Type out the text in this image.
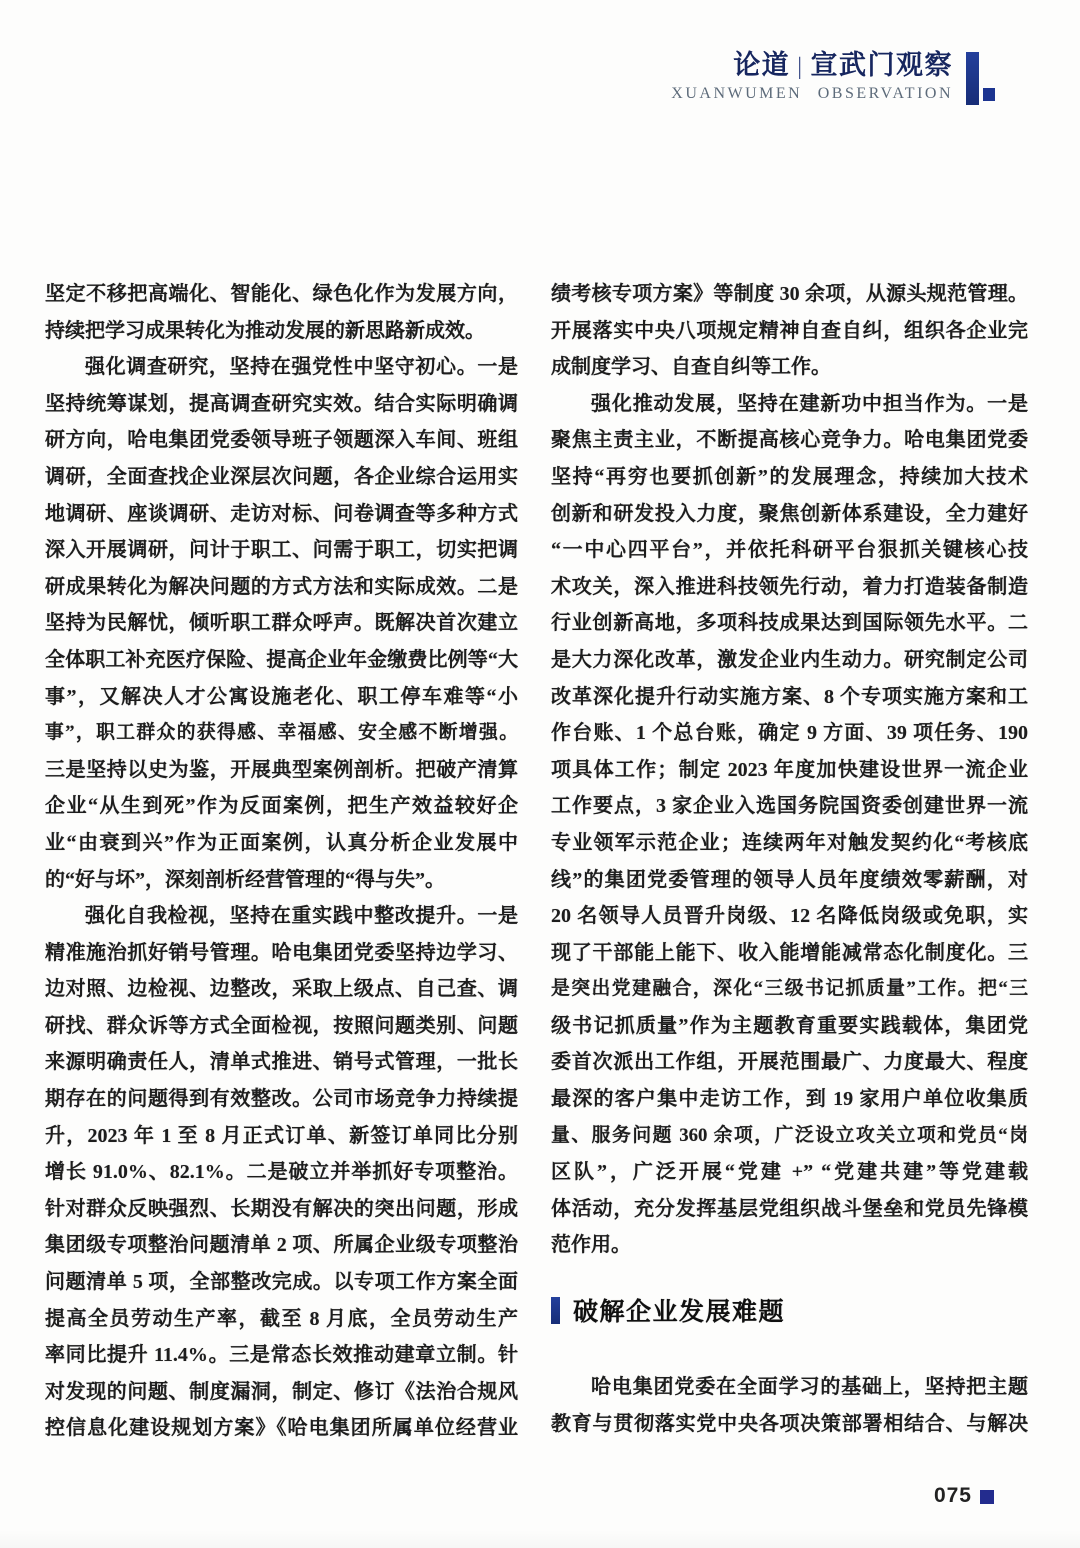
论道 | 宣武门观察
XUANWUMEN OBSERVATION
坚定不移把高端化、智能化、绿色化作为发展方向，
持续把学习成果转化为推动发展的新思路新成效。
强化调查研究，坚持在强党性中坚守初心。一是
坚持统筹谋划，提高调查研究实效。结合实际明确调
研方向，哈电集团党委领导班子领题深入车间、班组
调研，全面查找企业深层次问题，各企业综合运用实
地调研、座谈调研、走访对标、问卷调查等多种方式
深入开展调研，问计于职工、问需于职工，切实把调
研成果转化为解决问题的方式方法和实际成效。二是
坚持为民解忧，倾听职工群众呼声。既解决首次建立
全体职工补充医疗保险、提高企业年金缴费比例等“大
事”，又解决人才公寓设施老化、职工停车难等“小
事”，职工群众的获得感、幸福感、安全感不断增强。
三是坚持以史为鉴，开展典型案例剖析。把破产清算
企业“从生到死”作为反面案例，把生产效益较好企
业“由衰到兴”作为正面案例，认真分析企业发展中
的“好与坏”，深刻剖析经营管理的“得与失”。
强化自我检视，坚持在重实践中整改提升。一是
精准施治抓好销号管理。哈电集团党委坚持边学习、
边对照、边检视、边整改，采取上级点、自己查、调
研找、群众诉等方式全面检视，按照问题类别、问题
来源明确责任人，清单式推进、销号式管理，一批长
期存在的问题得到有效整改。公司市场竞争力持续提
升，2023 年 1 至 8 月正式订单、新签订单同比分别
增长 91.0%、82.1%。二是破立并举抓好专项整治。
针对群众反映强烈、长期没有解决的突出问题，形成
集团级专项整治问题清单 2 项、所属企业级专项整治
问题清单 5 项，全部整改完成。以专项工作方案全面
提高全员劳动生产率，截至 8 月底，全员劳动生产
率同比提升 11.4%。三是常态长效推动建章立制。针
对发现的问题、制度漏洞，制定、修订《法治合规风
控信息化建设规划方案》《哈电集团所属单位经营业
绩考核专项方案》等制度 30 余项，从源头规范管理。
开展落实中央八项规定精神自查自纠，组织各企业完
成制度学习、自查自纠等工作。
强化推动发展，坚持在建新功中担当作为。一是
聚焦主责主业，不断提高核心竞争力。哈电集团党委
坚持“再穷也要抓创新”的发展理念，持续加大技术
创新和研发投入力度，聚焦创新体系建设，全力建好
“一中心四平台”，并依托科研平台狠抓关键核心技
术攻关，深入推进科技领先行动，着力打造装备制造
行业创新高地，多项科技成果达到国际领先水平。二
是大力深化改革，激发企业内生动力。研究制定公司
改革深化提升行动实施方案、8 个专项实施方案和工
作台账、1 个总台账，确定 9 方面、39 项任务、190
项具体工作；制定 2023 年度加快建设世界一流企业
工作要点，3 家企业入选国务院国资委创建世界一流
专业领军示范企业；连续两年对触发契约化“考核底
线”的集团党委管理的领导人员年度绩效零薪酬，对
20 名领导人员晋升岗级、12 名降低岗级或免职，实
现了干部能上能下、收入能增能减常态化制度化。三
是突出党建融合，深化“三级书记抓质量”工作。把“三
级书记抓质量”作为主题教育重要实践载体，集团党
委首次派出工作组，开展范围最广、力度最大、程度
最深的客户集中走访工作，到 19 家用户单位收集质
量、服务问题 360 余项，广泛设立攻关立项和党员“岗
区队”，广泛开展“党建 +” “党建共建”等党建载
体活动，充分发挥基层党组织战斗堡垒和党员先锋模
范作用。
破解企业发展难题
哈电集团党委在全面学习的基础上，坚持把主题
教育与贯彻落实党中央各项决策部署相结合、与解决
075
